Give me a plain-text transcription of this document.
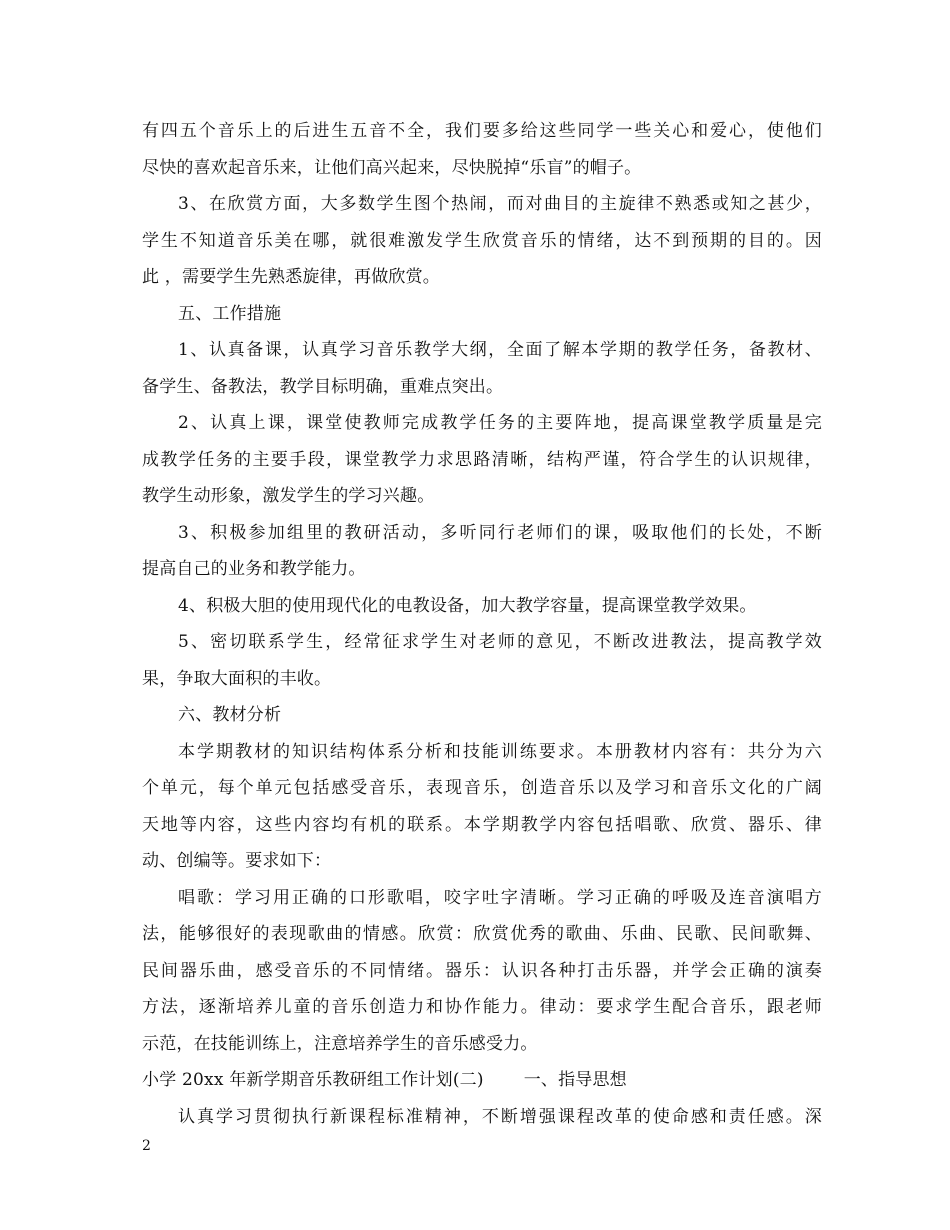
有四五个音乐上的后进生五音不全，我们要多给这些同学一些关心和爱心，使他们
尽快的喜欢起音乐来，让他们高兴起来，尽快脱掉“乐盲”的帽子。
3、在欣赏方面，大多数学生图个热闹，而对曲目的主旋律不熟悉或知之甚少，
学生不知道音乐美在哪，就很难激发学生欣赏音乐的情绪，达不到预期的目的。因
此 ，需要学生先熟悉旋律，再做欣赏。
五、工作措施
1、认真备课，认真学习音乐教学大纲，全面了解本学期的教学任务，备教材、
备学生、备教法，教学目标明确，重难点突出。
2、认真上课，课堂使教师完成教学任务的主要阵地，提高课堂教学质量是完
成教学任务的主要手段，课堂教学力求思路清晰，结构严谨，符合学生的认识规律，
教学生动形象，激发学生的学习兴趣。
3、积极参加组里的教研活动，多听同行老师们的课，吸取他们的长处，不断
提高自己的业务和教学能力。
4、积极大胆的使用现代化的电教设备，加大教学容量，提高课堂教学效果。
5、密切联系学生，经常征求学生对老师的意见，不断改进教法，提高教学效
果，争取大面积的丰收。
六、教材分析
本学期教材的知识结构体系分析和技能训练要求。本册教材内容有：共分为六
个单元，每个单元包括感受音乐，表现音乐，创造音乐以及学习和音乐文化的广阔
天地等内容，这些内容均有机的联系。本学期教学内容包括唱歌、欣赏、器乐、律
动、创编等。要求如下：
唱歌：学习用正确的口形歌唱，咬字吐字清晰。学习正确的呼吸及连音演唱方
法，能够很好的表现歌曲的情感。欣赏：欣赏优秀的歌曲、乐曲、民歌、民间歌舞、
民间器乐曲，感受音乐的不同情绪。器乐：认识各种打击乐器，并学会正确的演奏
方法，逐渐培养儿童的音乐创造力和协作能力。律动：要求学生配合音乐，跟老师
示范，在技能训练上，注意培养学生的音乐感受力。
小学 20xx 年新学期音乐教研组工作计划(二) 一、指导思想
认真学习贯彻执行新课程标准精神，不断增强课程改革的使命感和责任感。深
2
